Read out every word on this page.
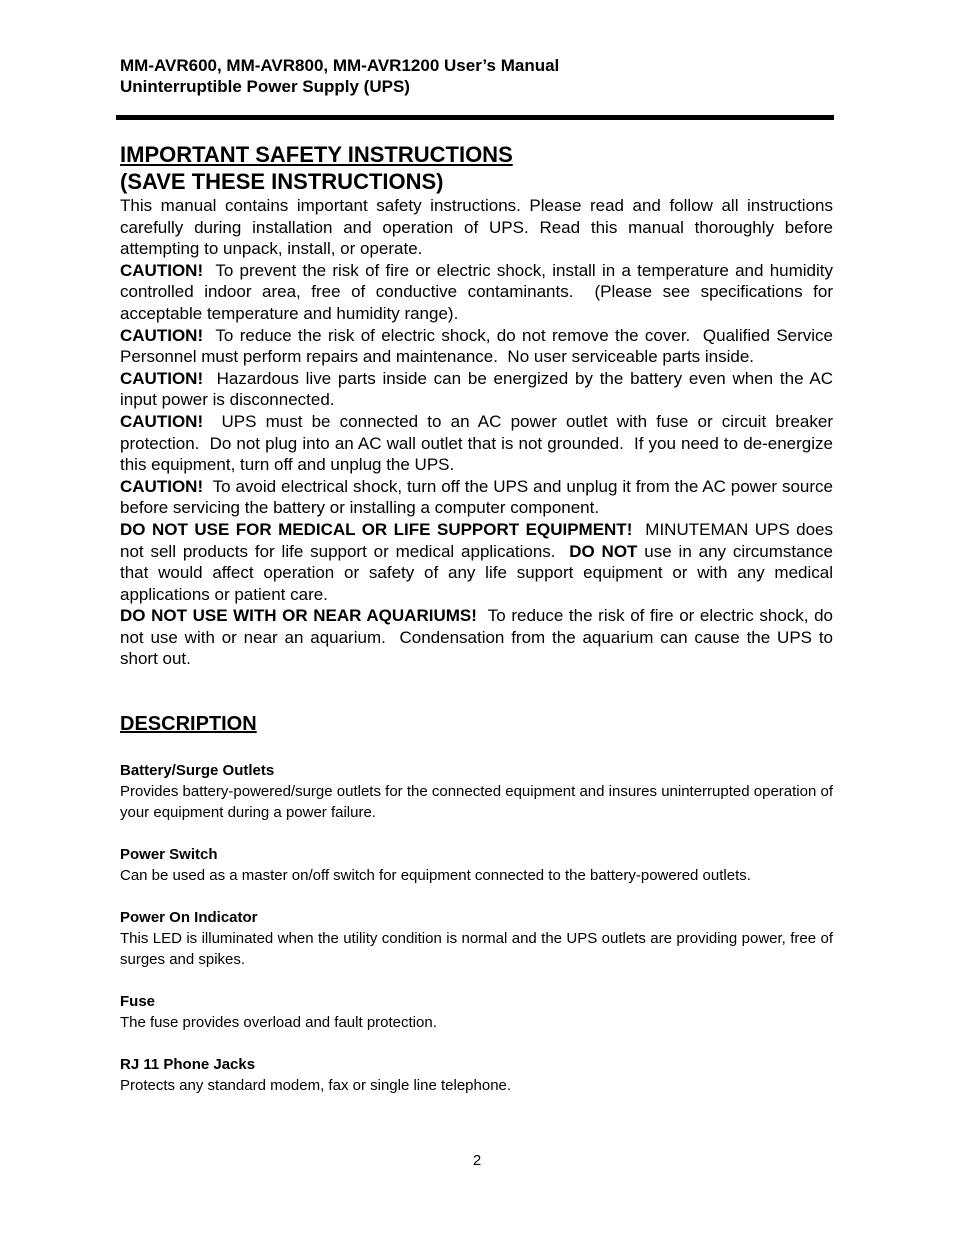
MM-AVR600, MM-AVR800, MM-AVR1200 User’s Manual
Uninterruptible Power Supply (UPS)
IMPORTANT SAFETY INSTRUCTIONS
(SAVE THESE INSTRUCTIONS)

This manual contains important safety instructions. Please read and follow all instructions carefully during installation and operation of UPS. Read this manual thoroughly before attempting to unpack, install, or operate.

CAUTION!  To prevent the risk of fire or electric shock, install in a temperature and humidity controlled indoor area, free of conductive contaminants.  (Please see specifications for acceptable temperature and humidity range).

CAUTION!  To reduce the risk of electric shock, do not remove the cover.  Qualified Service Personnel must perform repairs and maintenance.  No user serviceable parts inside.

CAUTION!  Hazardous live parts inside can be energized by the battery even when the AC input power is disconnected.

CAUTION!  UPS must be connected to an AC power outlet with fuse or circuit breaker protection.  Do not plug into an AC wall outlet that is not grounded.  If you need to de-energize this equipment, turn off and unplug the UPS.

CAUTION!  To avoid electrical shock, turn off the UPS and unplug it from the AC power source before servicing the battery or installing a computer component.

DO NOT USE FOR MEDICAL OR LIFE SUPPORT EQUIPMENT!  MINUTEMAN UPS does not sell products for life support or medical applications.  DO NOT use in any circumstance that would affect operation or safety of any life support equipment or with any medical applications or patient care.

DO NOT USE WITH OR NEAR AQUARIUMS!  To reduce the risk of fire or electric shock, do not use with or near an aquarium.  Condensation from the aquarium can cause the UPS to short out.

DESCRIPTION
Battery/Surge Outlets

Provides battery-powered/surge outlets for the connected equipment and insures uninterrupted operation of your equipment during a power failure.

Power Switch

Can be used as a master on/off switch for equipment connected to the battery-powered outlets.

Power On Indicator

This LED is illuminated when the utility condition is normal and the UPS outlets are providing power, free of surges and spikes.

Fuse

The fuse provides overload and fault protection.

RJ 11 Phone Jacks

Protects any standard modem, fax or single line telephone.

2
